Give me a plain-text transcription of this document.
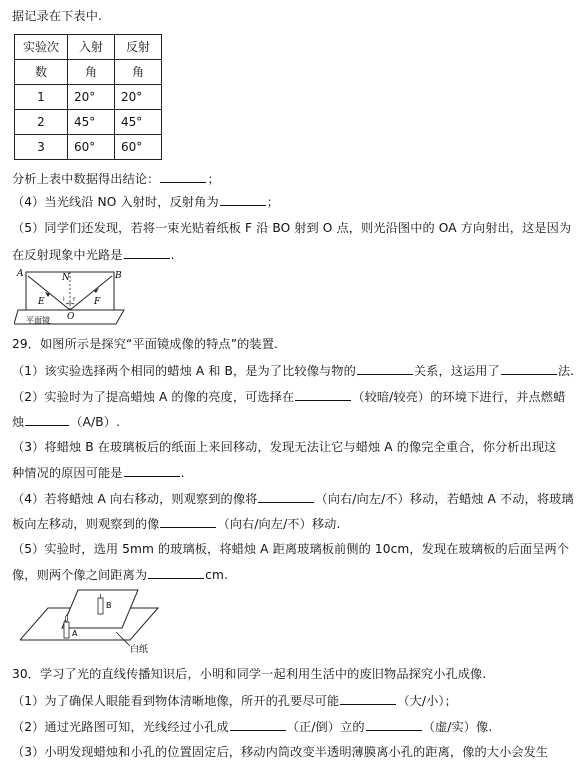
据记录在下表中.
实验次	入射	反射
数	角	角
1	20°	20°
2	45°	45°
3	60°	60°
分析上表中数据得出结论：	；
（4）当光线沿 NO 入射时，反射角为	；
（5）同学们还发现，若将一束光贴着纸板 F 沿 BO 射到 O 点，则光沿图中的 OA 方向射出，这是因为
在反射现象中光路是	.
i r
A	N	B
E	F
O
平面镜
29．如图所示是探究“平面镜成像的特点”的装置.
（1）该实验选择两个相同的蜡烛 A 和 B，是为了比较像与物的	关系，这运用了	法.
（2）实验时为了提高蜡烛 A 的像的亮度，可选择在	（较暗/较亮）的环境下进行，并点燃蜡
烛	（A/B）.
（3）将蜡烛 B 在玻璃板后的纸面上来回移动，发现无法让它与蜡烛 A 的像完全重合，你分析出现这
种情况的原因可能是	.
（4）若将蜡烛 A 向右移动，则观察到的像将	（向右/向左/不）移动，若蜡烛 A 不动，将玻璃
板向左移动，则观察到的像	（向右/向左/不）移动.
（5）实验时，选用 5mm 的玻璃板，将蜡烛 A 距离玻璃板前侧的 10cm，发现在玻璃板的后面呈两个
像，则两个像之间距离为	cm.
B
A
白纸
30．学习了光的直线传播知识后，小明和同学一起利用生活中的废旧物品探究小孔成像.
（1）为了确保人眼能看到物体清晰地像，所开的孔要尽可能	（大/小）；
（2）通过光路图可知，光线经过小孔成	（正/倒）立的	（虚/实）像.
（3）小明发现蜡烛和小孔的位置固定后，移动内筒改变半透明薄膜离小孔的距离，像的大小会发生
